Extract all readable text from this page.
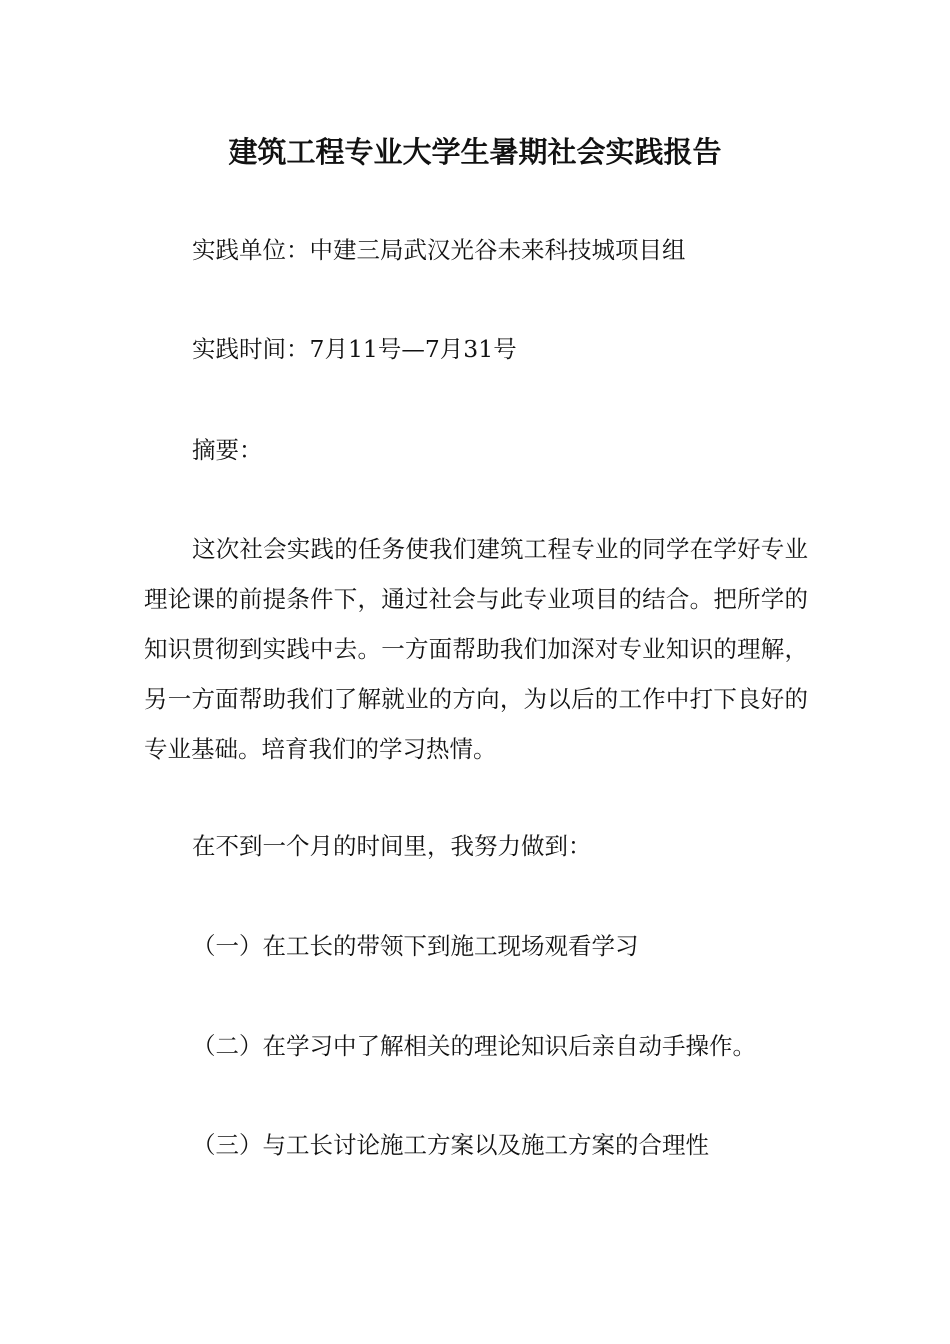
建筑工程专业大学生暑期社会实践报告

实践单位：中建三局武汉光谷未来科技城项目组

实践时间：7月11号—7月31号

摘要：

这次社会实践的任务使我们建筑工程专业的同学在学好专业理论课的前提条件下，通过社会与此专业项目的结合。把所学的知识贯彻到实践中去。一方面帮助我们加深对专业知识的理解，另一方面帮助我们了解就业的方向，为以后的工作中打下良好的专业基础。培育我们的学习热情。

在不到一个月的时间里，我努力做到：

（一）在工长的带领下到施工现场观看学习

（二）在学习中了解相关的理论知识后亲自动手操作。

（三）与工长讨论施工方案以及施工方案的合理性
